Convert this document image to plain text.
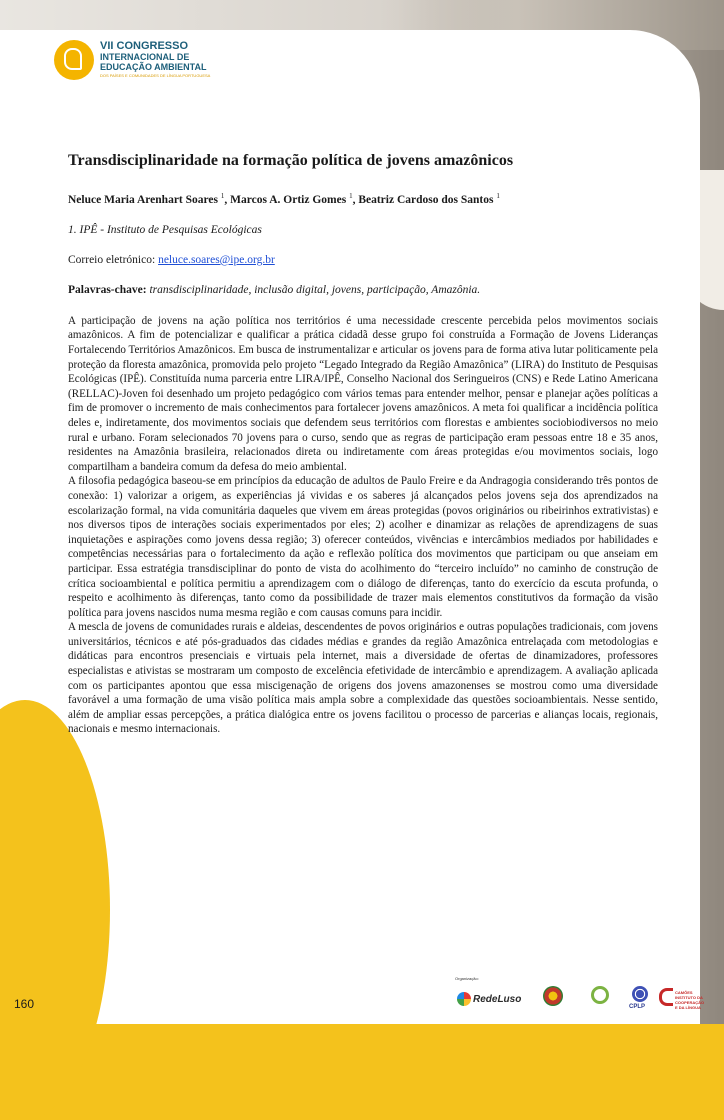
VII CONGRESSO
INTERNACIONAL DE
EDUCAÇÃO AMBIENTAL
DOS PAÍSES E COMUNIDADES DE LÍNGUA PORTUGUESA
Transdisciplinaridade na formação política de jovens amazônicos
Neluce Maria Arenhart Soares $^1$, Marcos A. Ortiz Gomes $^1$, Beatriz Cardoso dos Santos $^1$
1. IPÊ - Instituto de Pesquisas Ecológicas
Correio eletrónico: neluce.soares@ipe.org.br
Palavras-chave: transdisciplinaridade, inclusão digital, jovens, participação, Amazônia.

A participação de jovens na ação política nos territórios é uma necessidade crescente percebida pelos movimentos sociais amazônicos. A fim de potencializar e qualificar a prática cidadã desse grupo foi construída a Formação de Jovens Lideranças Fortalecendo Territórios Amazônicos. Em busca de instrumentalizar e articular os jovens para de forma ativa lutar politicamente pela proteção da floresta amazônica, promovida pelo projeto “Legado Integrado da Região Amazônica” (LIRA) do Instituto de Pesquisas Ecológicas (IPÊ). Constituída numa parceria entre LIRA/IPÊ, Conselho Nacional dos Seringueiros (CNS) e Rede Latino Americana (RELLAC)-Joven foi desenhado um projeto pedagógico com vários temas para entender melhor, pensar e planejar ações políticas a fim de promover o incremento de mais conhecimentos para fortalecer jovens amazônicos. A meta foi qualificar a incidência política deles e, indiretamente, dos movimentos sociais que defendem seus territórios com florestas e ambientes sociobiodiversos no meio rural e urbano. Foram selecionados 70 jovens para o curso, sendo que as regras de participação eram pessoas entre 18 e 35 anos, residentes na Amazônia brasileira, relacionados direta ou indiretamente com áreas protegidas e/ou movimentos sociais, logo compartilham a bandeira comum da defesa do meio ambiental.

A filosofia pedagógica baseou-se em princípios da educação de adultos de Paulo Freire e da Andragogia considerando três pontos de conexão: 1) valorizar a origem, as experiências já vividas e os saberes já alcançados pelos jovens seja dos aprendizados na escolarização formal, na vida comunitária daqueles que vivem em áreas protegidas (povos originários ou ribeirinhos extrativistas) e nos diversos tipos de interações sociais experimentados por eles; 2) acolher e dinamizar as relações de aprendizagens de suas inquietações e aspirações como jovens dessa região; 3) oferecer conteúdos, vivências e intercâmbios mediados por habilidades e competências necessárias para o fortalecimento da ação e reflexão política dos movimentos que participam ou que anseiam em participar. Essa estratégia transdisciplinar do ponto de vista do acolhimento do “terceiro incluído” no caminho de construção de crítica socioambiental e política permitiu a aprendizagem com o diálogo de diferenças, tanto do exercício da escuta profunda, o respeito e acolhimento às diferenças, tanto como da possibilidade de trazer mais elementos constitutivos da formação da visão política para jovens nascidos numa mesma região e com causas comuns para incidir.

A mescla de jovens de comunidades rurais e aldeias, descendentes de povos originários e outras populações tradicionais, com jovens universitários, técnicos e até pós-graduados das cidades médias e grandes da região Amazônica entrelaçada com metodologias e didáticas para encontros presenciais e virtuais pela internet, mais a diversidade de ofertas de dinamizadores, professores especialistas e ativistas se mostraram um composto de excelência efetividade de intercâmbio e aprendizagem. A avaliação aplicada com os participantes apontou que essa miscigenação de origens dos jovens amazonenses se mostrou como uma diversidade favorável a uma formação de uma visão política mais ampla sobre a complexidade das questões socioambientais. Nesse sentido, além de ampliar essas percepções, a prática dialógica entre os jovens facilitou o processo de parcerias e alianças locais, regionais, nacionais e mesmo internacionais.

160
Organização:
RedeLuso
CPLP
CAMÕES INSTITUTO DA COOPERAÇÃO E DA LÍNGUA
